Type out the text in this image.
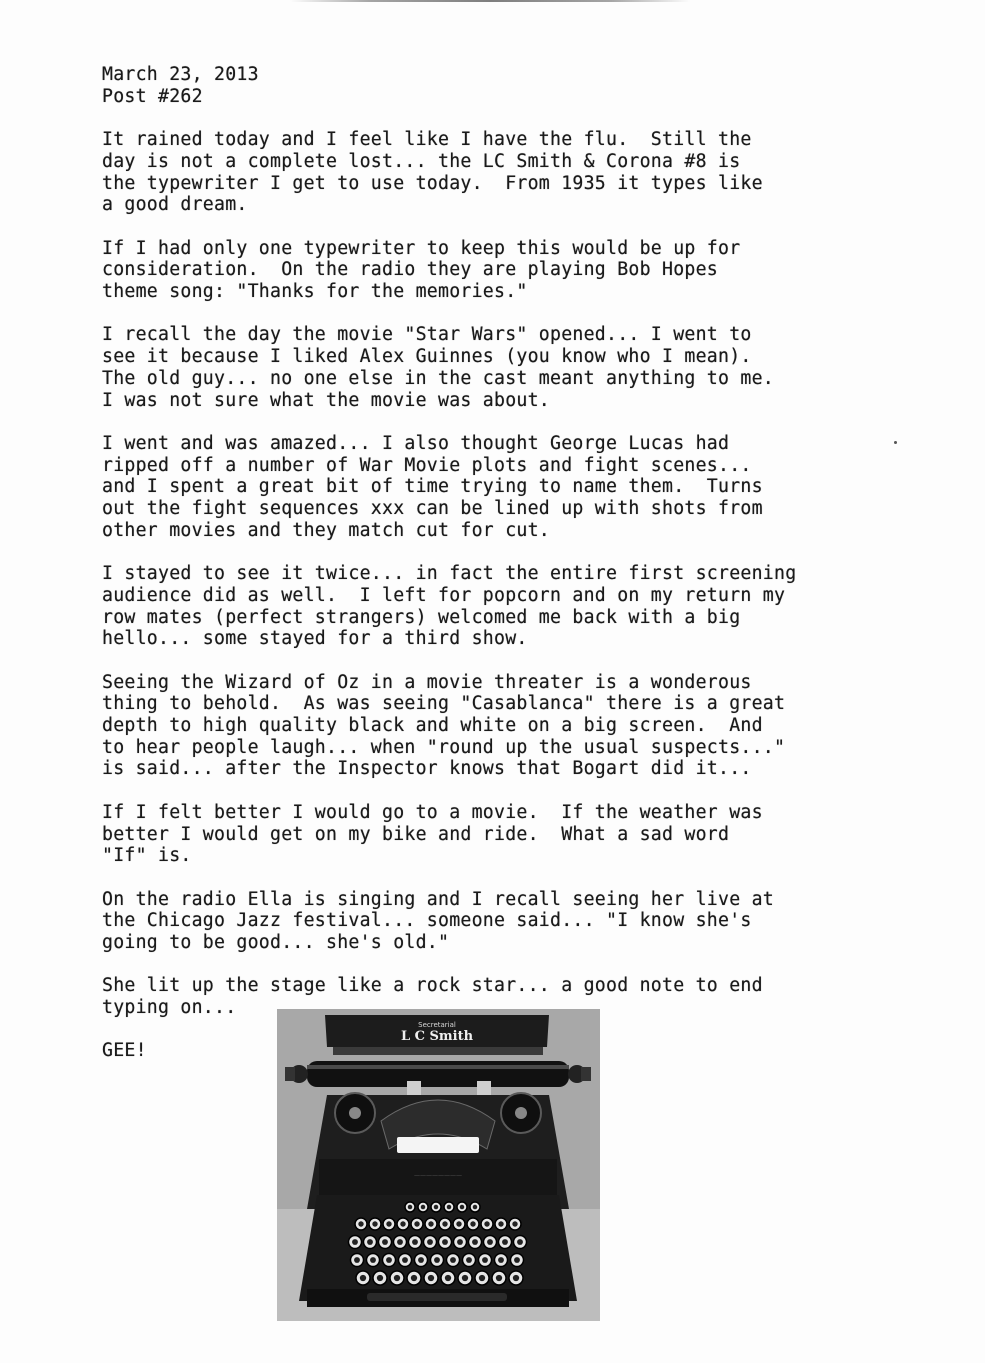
March 23, 2013
Post #262
It rained today and I feel like I have the flu.  Still the
day is not a complete lost... the LC Smith & Corona #8 is
the typewriter I get to use today.  From 1935 it types like
a good dream.
If I had only one typewriter to keep this would be up for
consideration.  On the radio they are playing Bob Hopes
theme song: "Thanks for the memories."
I recall the day the movie "Star Wars" opened... I went to
see it because I liked Alex Guinnes (you know who I mean).
The old guy... no one else in the cast meant anything to me.
I was not sure what the movie was about.
I went and was amazed... I also thought George Lucas had
ripped off a number of War Movie plots and fight scenes...
and I spent a great bit of time trying to name them.  Turns
out the fight sequences xxx can be lined up with shots from
other movies and they match cut for cut.
I stayed to see it twice... in fact the entire first screening
audience did as well.  I left for popcorn and on my return my
row mates (perfect strangers) welcomed me back with a big
hello... some stayed for a third show.
Seeing the Wizard of Oz in a movie threater is a wonderous
thing to behold.  As was seeing "Casablanca" there is a great
depth to high quality black and white on a big screen.  And
to hear people laugh... when "round up the usual suspects..."
is said... after the Inspector knows that Bogart did it...
If I felt better I would go to a movie.  If the weather was
better I would get on my bike and ride.  What a sad word
"If" is.
On the radio Ella is singing and I recall seeing her live at
the Chicago Jazz festival... someone said... "I know she's
going to be good... she's old."
She lit up the stage like a rock star... a good note to end
typing on...
GEE!
Secretarial
L C Smith
————————
